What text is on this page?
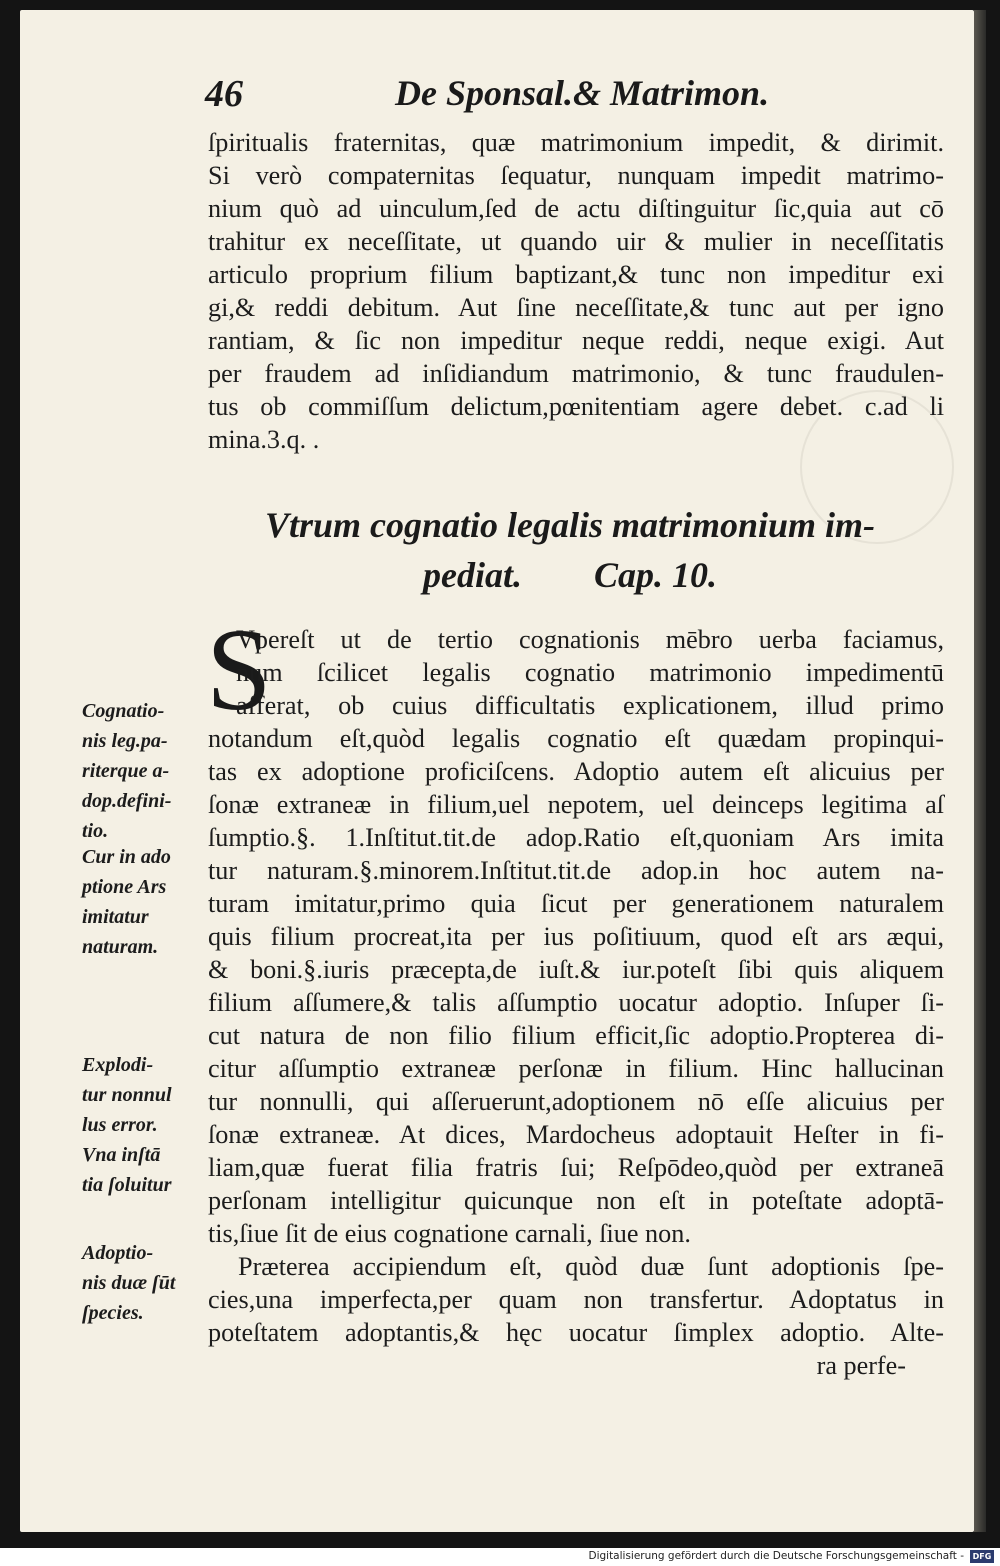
46	De Sponsal.& Matrimon.

ſpiritualis fraternitas, quæ matrimonium impedit, & dirimit.

Si verò compaternitas ſequatur, nunquam impedit matrimo-

nium quò ad uinculum,ſed de actu diſtinguitur ſic,quia aut cō

trahitur ex neceſſitate, ut quando uir & mulier in neceſſitatis

articulo proprium filium baptizant,& tunc non impeditur exi

gi,& reddi debitum. Aut ſine neceſſitate,& tunc aut per igno

rantiam, & ſic non impeditur neque reddi, neque exigi. Aut

per fraudem ad inſidiandum matrimonio, & tunc fraudulen-

tus ob commiſſum delictum,pœnitentiam agere debet. c.ad li

mina.3.q. .

Vtrum cognatio legalis matrimonium im-
pediat.        Cap. 10.
S

Vpereſt ut de tertio cognationis mēbro uerba faciamus,

num ſcilicet legalis cognatio matrimonio impedimentū

afferat, ob cuius difficultatis explicationem, illud primo

notandum eſt,quòd legalis cognatio eſt quædam propinqui-

tas ex adoptione proficiſcens. Adoptio autem eſt alicuius per

ſonæ extraneæ in filium,uel nepotem, uel deinceps legitima aſ

ſumptio.§. 1.Inſtitut.tit.de adop.Ratio eſt,quoniam Ars imita

tur naturam.§.minorem.Inſtitut.tit.de adop.in hoc autem na-

turam imitatur,primo quia ſicut per generationem naturalem

quis filium procreat,ita per ius poſitiuum, quod eſt ars æqui,

& boni.§.iuris præcepta,de iuſt.& iur.poteſt ſibi quis aliquem

filium aſſumere,& talis aſſumptio uocatur adoptio. Inſuper ſi-

cut natura de non filio filium efficit,ſic adoptio.Propterea di-

citur aſſumptio extraneæ perſonæ in filium. Hinc hallucinan

tur nonnulli, qui aſſeruerunt,adoptionem nō eſſe alicuius per

ſonæ extraneæ. At dices, Mardocheus adoptauit Heſter in fi-

liam,quæ fuerat filia fratris ſui; Reſpōdeo,quòd per extraneā

perſonam intelligitur quicunque non eſt in poteſtate adoptā-

tis,ſiue ſit de eius cognatione carnali, ſiue non.

Præterea accipiendum eſt, quòd duæ ſunt adoptionis ſpe-

cies,una imperfecta,per quam non transfertur. Adoptatus in

poteſtatem adoptantis,& hęc uocatur ſimplex adoptio. Alte-

ra perfe-

Cognatio-
nis leg.pa-
riterque a-
dop.defini-
tio.
Cur in ado
ptione Ars
imitatur
naturam.
Explodi-
tur nonnul
lus error.
Vna inſtā
tia ſoluitur
Adoptio-
nis duæ ſūt
ſpecies.
Digitalisierung gefördert durch die Deutsche Forschungsgemeinschaft -	DFG
